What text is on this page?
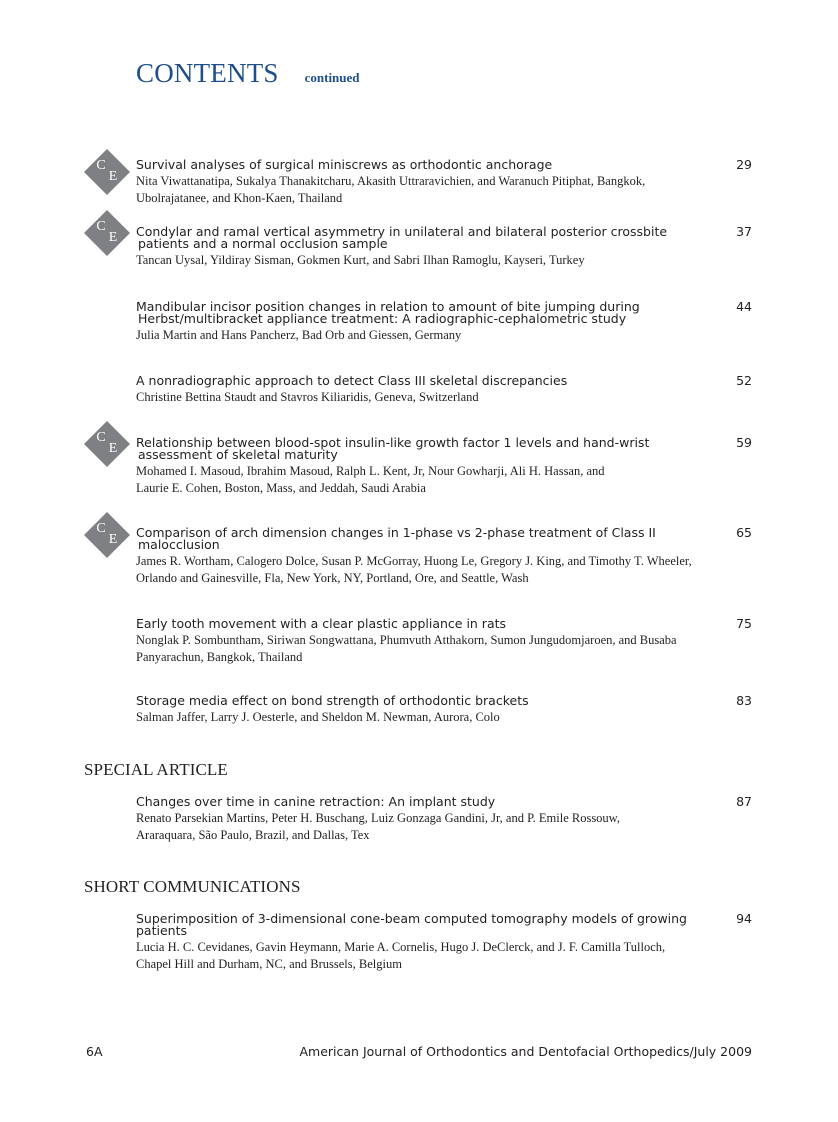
CONTENTS continued
C
E
C
E
C
E
C
E
Survival analyses of surgical miniscrews as orthodontic anchorage	29
Nita Viwattanatipa, Sukalya Thanakitcharu, Akasith Uttraravichien, and Waranuch Pitiphat, Bangkok,
Ubolrajatanee, and Khon-Kaen, Thailand
Condylar and ramal vertical asymmetry in unilateral and bilateral posterior crossbite
patients and a normal occlusion sample
37
Tancan Uysal, Yildiray Sisman, Gokmen Kurt, and Sabri Ilhan Ramoglu, Kayseri, Turkey
Mandibular incisor position changes in relation to amount of bite jumping during
Herbst/multibracket appliance treatment: A radiographic-cephalometric study
44
Julia Martin and Hans Pancherz, Bad Orb and Giessen, Germany
A nonradiographic approach to detect Class III skeletal discrepancies	52
Christine Bettina Staudt and Stavros Kiliaridis, Geneva, Switzerland
Relationship between blood-spot insulin-like growth factor 1 levels and hand-wrist
assessment of skeletal maturity
59
Mohamed I. Masoud, Ibrahim Masoud, Ralph L. Kent, Jr, Nour Gowharji, Ali H. Hassan, and
Laurie E. Cohen, Boston, Mass, and Jeddah, Saudi Arabia
Comparison of arch dimension changes in 1-phase vs 2-phase treatment of Class II
malocclusion
65
James R. Wortham, Calogero Dolce, Susan P. McGorray, Huong Le, Gregory J. King, and Timothy T. Wheeler,
Orlando and Gainesville, Fla, New York, NY, Portland, Ore, and Seattle, Wash
Early tooth movement with a clear plastic appliance in rats	75
Nonglak P. Sombuntham, Siriwan Songwattana, Phumvuth Atthakorn, Sumon Jungudomjaroen, and Busaba
Panyarachun, Bangkok, Thailand
Storage media effect on bond strength of orthodontic brackets	83
Salman Jaffer, Larry J. Oesterle, and Sheldon M. Newman, Aurora, Colo
SPECIAL ARTICLE
Changes over time in canine retraction: An implant study	87
Renato Parsekian Martins, Peter H. Buschang, Luiz Gonzaga Gandini, Jr, and P. Emile Rossouw,
Araraquara, São Paulo, Brazil, and Dallas, Tex
SHORT COMMUNICATIONS
Superimposition of 3-dimensional cone-beam computed tomography models of growing patients
94
Lucia H. C. Cevidanes, Gavin Heymann, Marie A. Cornelis, Hugo J. DeClerck, and J. F. Camilla Tulloch,
Chapel Hill and Durham, NC, and Brussels, Belgium
6A	American Journal of Orthodontics and Dentofacial Orthopedics/July 2009
